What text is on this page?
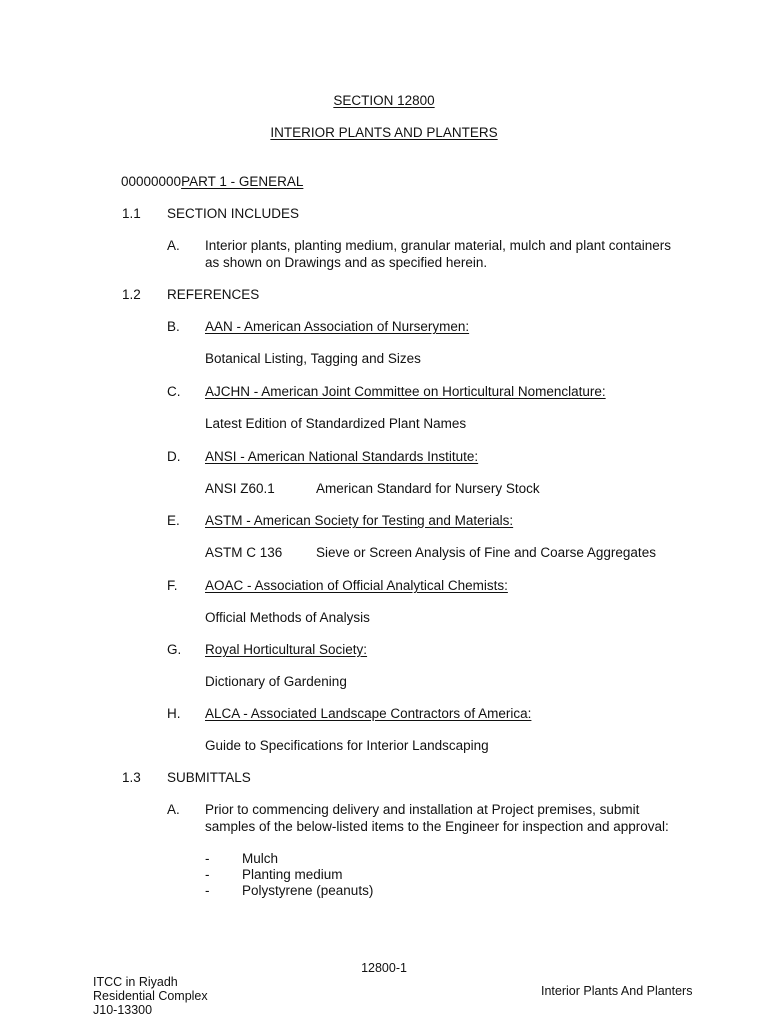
SECTION 12800
INTERIOR PLANTS AND PLANTERS
00000000PART 1 - GENERAL
1.1 SECTION INCLUDES
A. Interior plants, planting medium, granular material, mulch and plant containers
as shown on Drawings and as specified herein.
1.2 REFERENCES
B. AAN - American Association of Nurserymen:
Botanical Listing, Tagging and Sizes
C. AJCHN - American Joint Committee on Horticultural Nomenclature:
Latest Edition of Standardized Plant Names
D. ANSI - American National Standards Institute:
ANSI Z60.1	American Standard for Nursery Stock
E. ASTM - American Society for Testing and Materials:
ASTM C 136 Sieve or Screen Analysis of Fine and Coarse Aggregates
F. AOAC - Association of Official Analytical Chemists:
Official Methods of Analysis
G. Royal Horticultural Society:
Dictionary of Gardening
H. ALCA - Associated Landscape Contractors of America:
Guide to Specifications for Interior Landscaping
1.3 SUBMITTALS
A. Prior to commencing delivery and installation at Project premises, submit
samples of the below-listed items to the Engineer for inspection and approval:
- Mulch
- Planting medium
- Polystyrene (peanuts)
12800-1
ITCC in Riyadh
Residential Complex
J10-13300
Interior Plants And Planters
